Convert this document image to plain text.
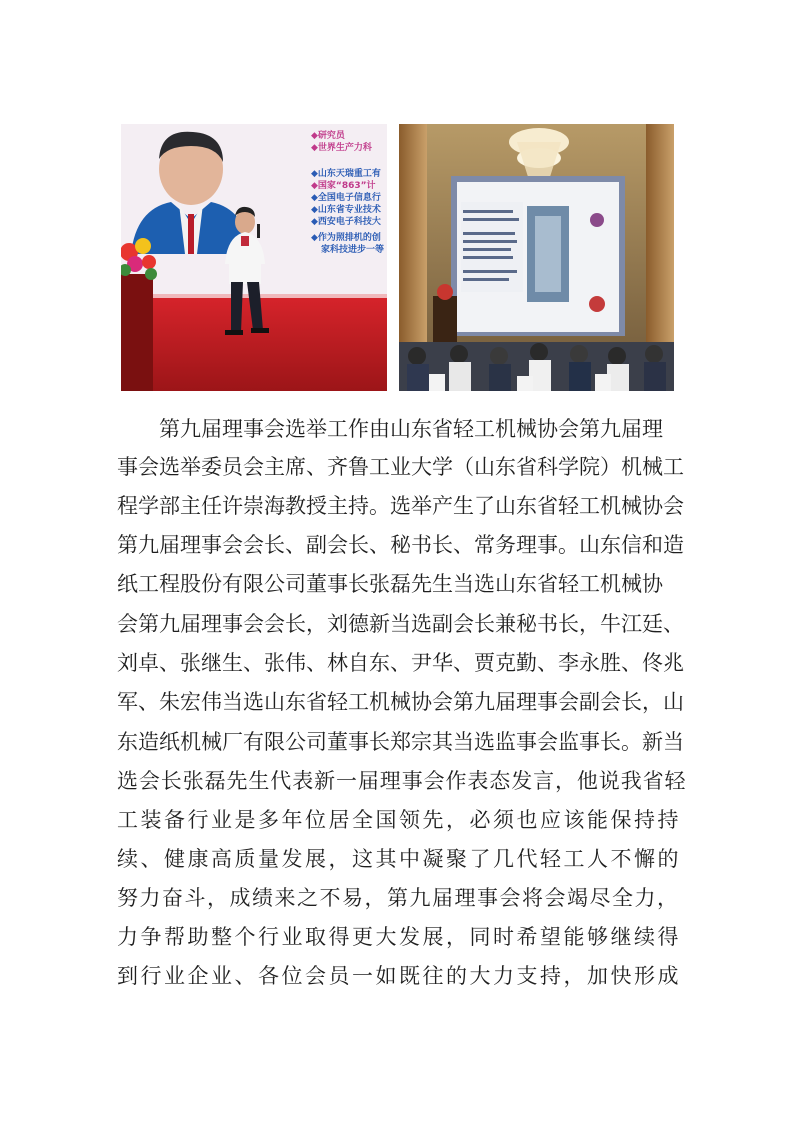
◆研究员
◆世界生产力科
◆山东天瑞重工有
◆国家“863”计
◆全国电子信息行
◆山东省专业技术
◆西安电子科技大
◆作为照排机的创
家科技进步一等
第九届理事会选举工作由山东省轻工机械协会第九届理
事会选举委员会主席、齐鲁工业大学（山东省科学院）机械工
程学部主任许崇海教授主持。选举产生了山东省轻工机械协会
第九届理事会会长、副会长、秘书长、常务理事。山东信和造
纸工程股份有限公司董事长张磊先生当选山东省轻工机械协
会第九届理事会会长，刘德新当选副会长兼秘书长，牛江廷、
刘卓、张继生、张伟、林自东、尹华、贾克勤、李永胜、佟兆
军、朱宏伟当选山东省轻工机械协会第九届理事会副会长，山
东造纸机械厂有限公司董事长郑宗其当选监事会监事长。新当
选会长张磊先生代表新一届理事会作表态发言，他说我省轻
工装备行业是多年位居全国领先，必须也应该能保持持
续、健康高质量发展，这其中凝聚了几代轻工人不懈的
努力奋斗，成绩来之不易，第九届理事会将会竭尽全力，
力争帮助整个行业取得更大发展，同时希望能够继续得
到行业企业、各位会员一如既往的大力支持，加快形成
